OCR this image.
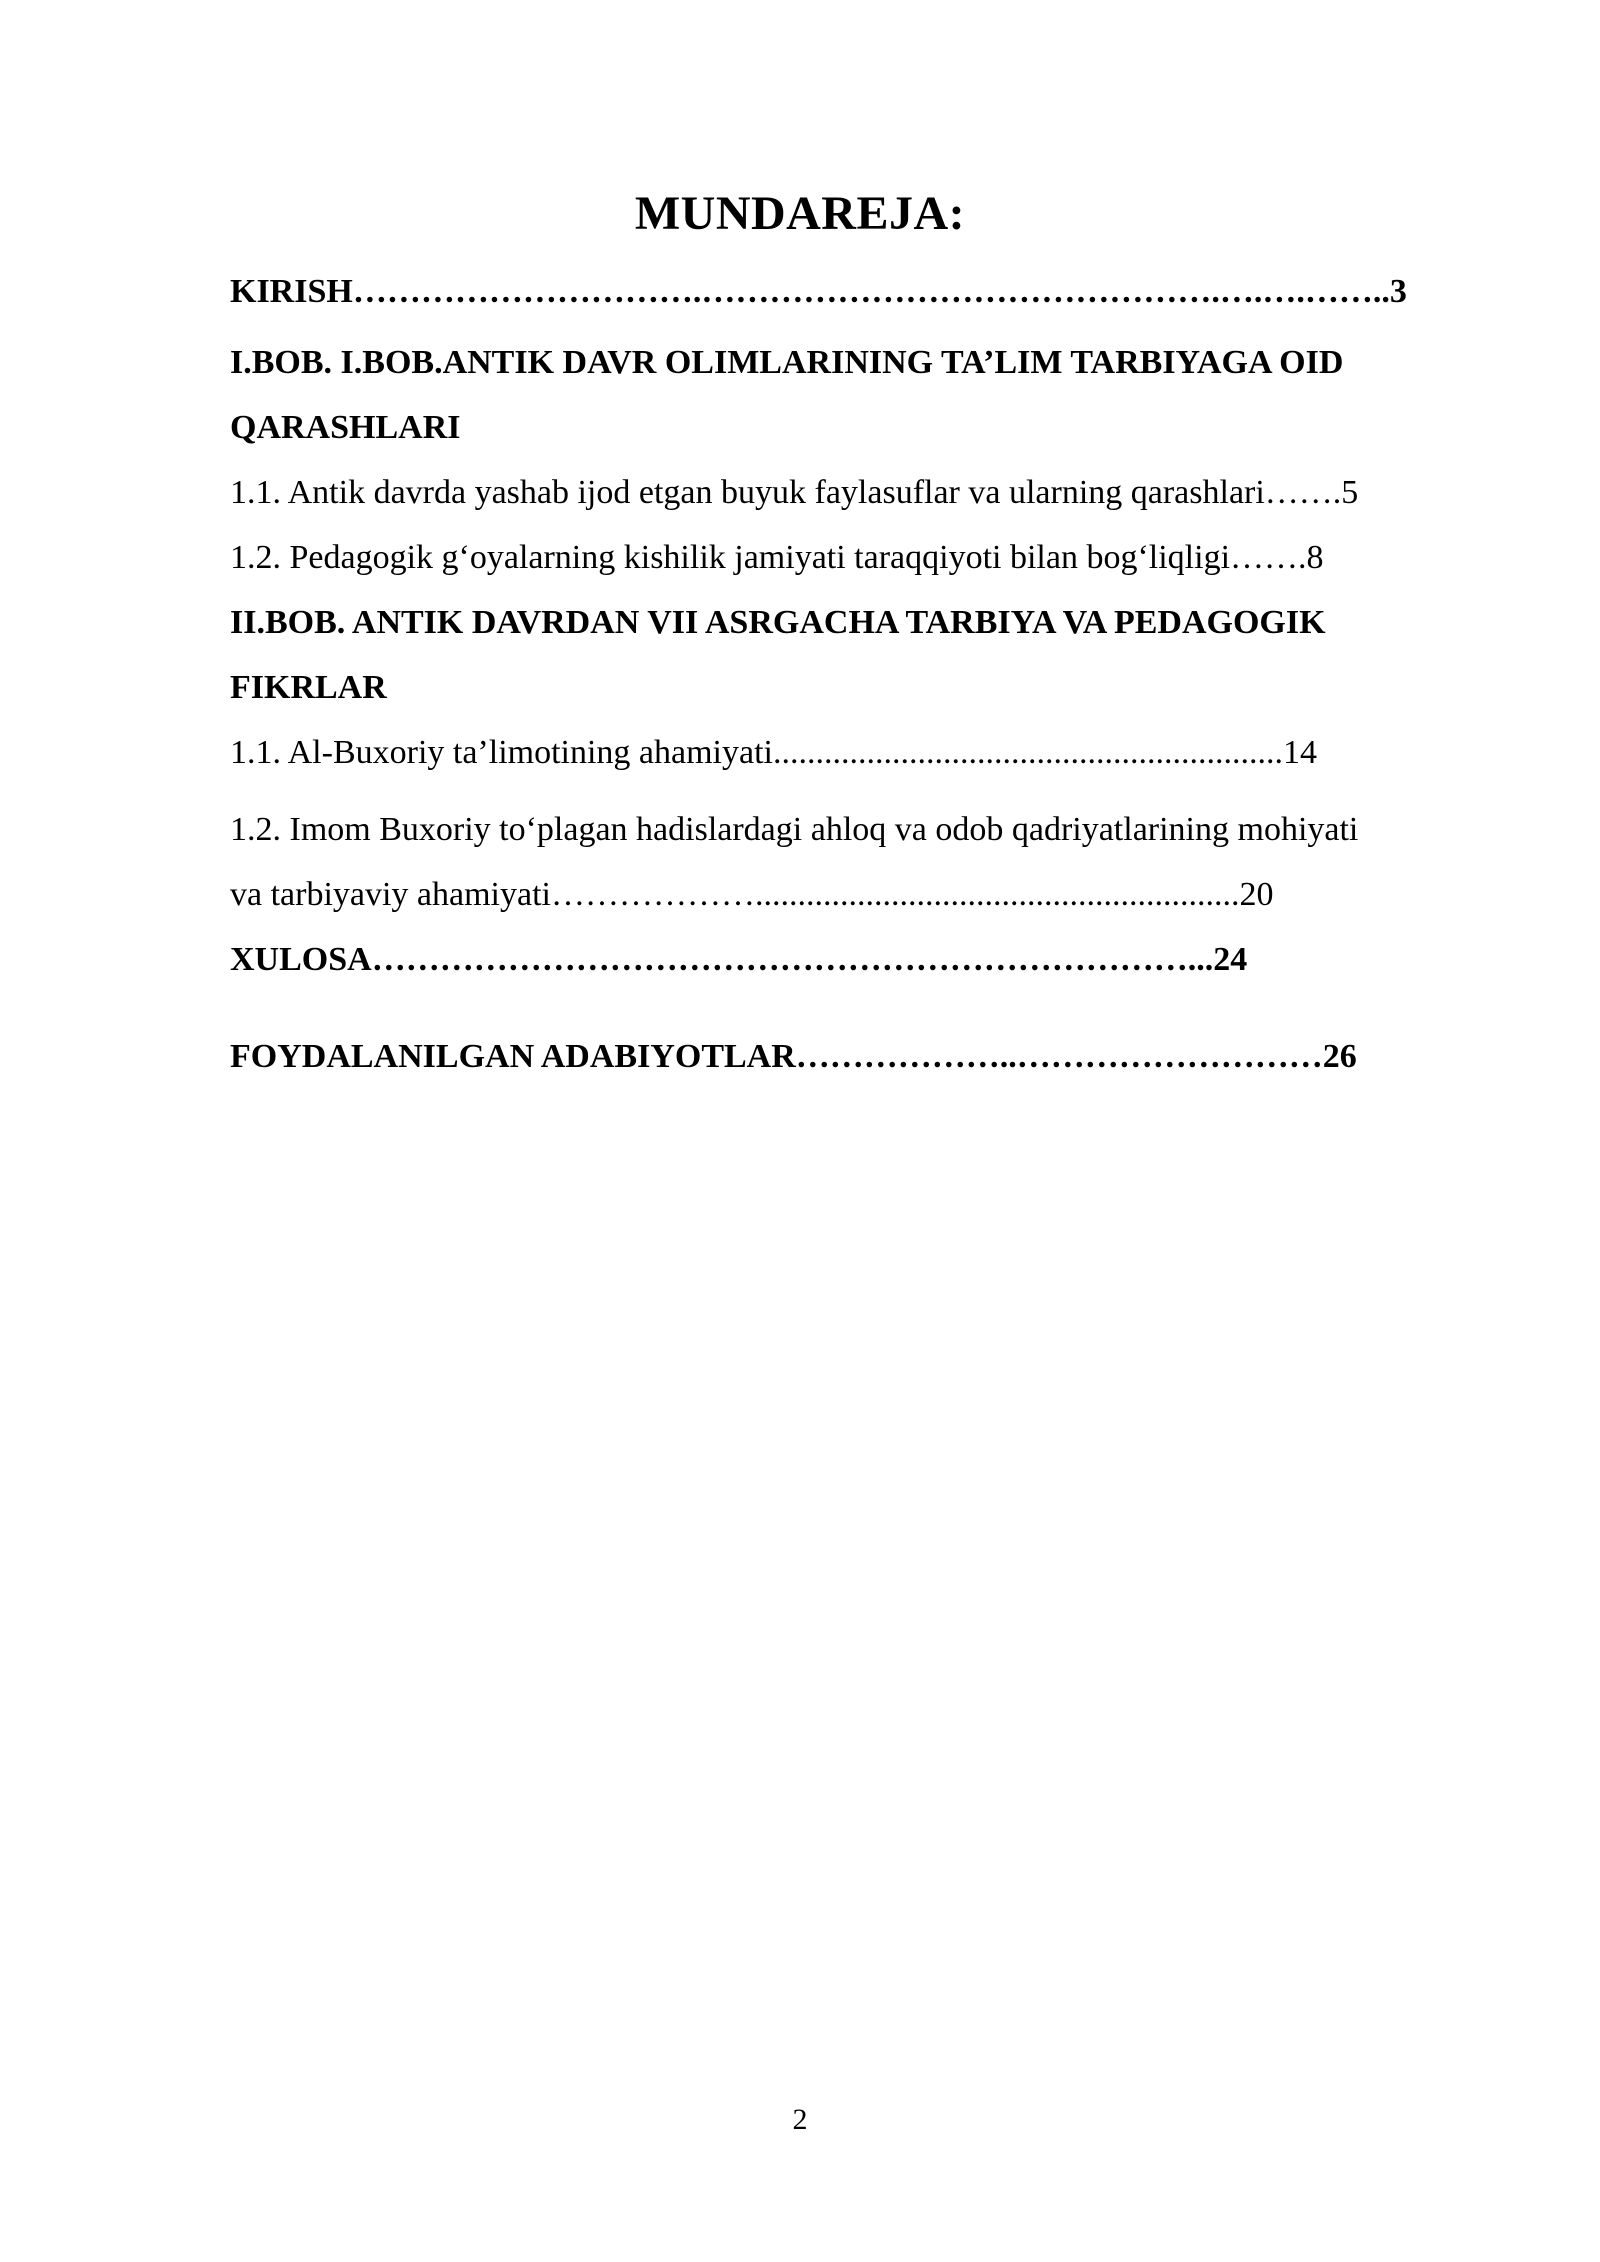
MUNDAREJA:
KIRISH………………………….……………………………………….….….……..3
I.BOB. I.BOB.ANTIK DAVR OLIMLARINING TA’LIM TARBIYAGA OID
QARASHLARI
1.1. Antik davrda yashab ijod etgan buyuk faylasuflar va ularning qarashlari…….5
1.2. Pedagogik g‘oyalarning kishilik jamiyati taraqqiyoti bilan bog‘liqligi…….8
II.BOB. ANTIK DAVRDAN VII ASRGACHA TARBIYA VA PEDAGOGIK
FIKRLAR
1.1. Al-Buxoriy ta’limotining ahamiyati............................................................14
1.2. Imom Buxoriy to‘plagan hadislardagi ahloq va odob qadriyatlarining mohiyati
va tarbiyaviy ahamiyati……………….........................................................20
XULOSA………………………………………………………………...24
FOYDALANILGAN ADABIYOTLAR………………..………………………26
2
